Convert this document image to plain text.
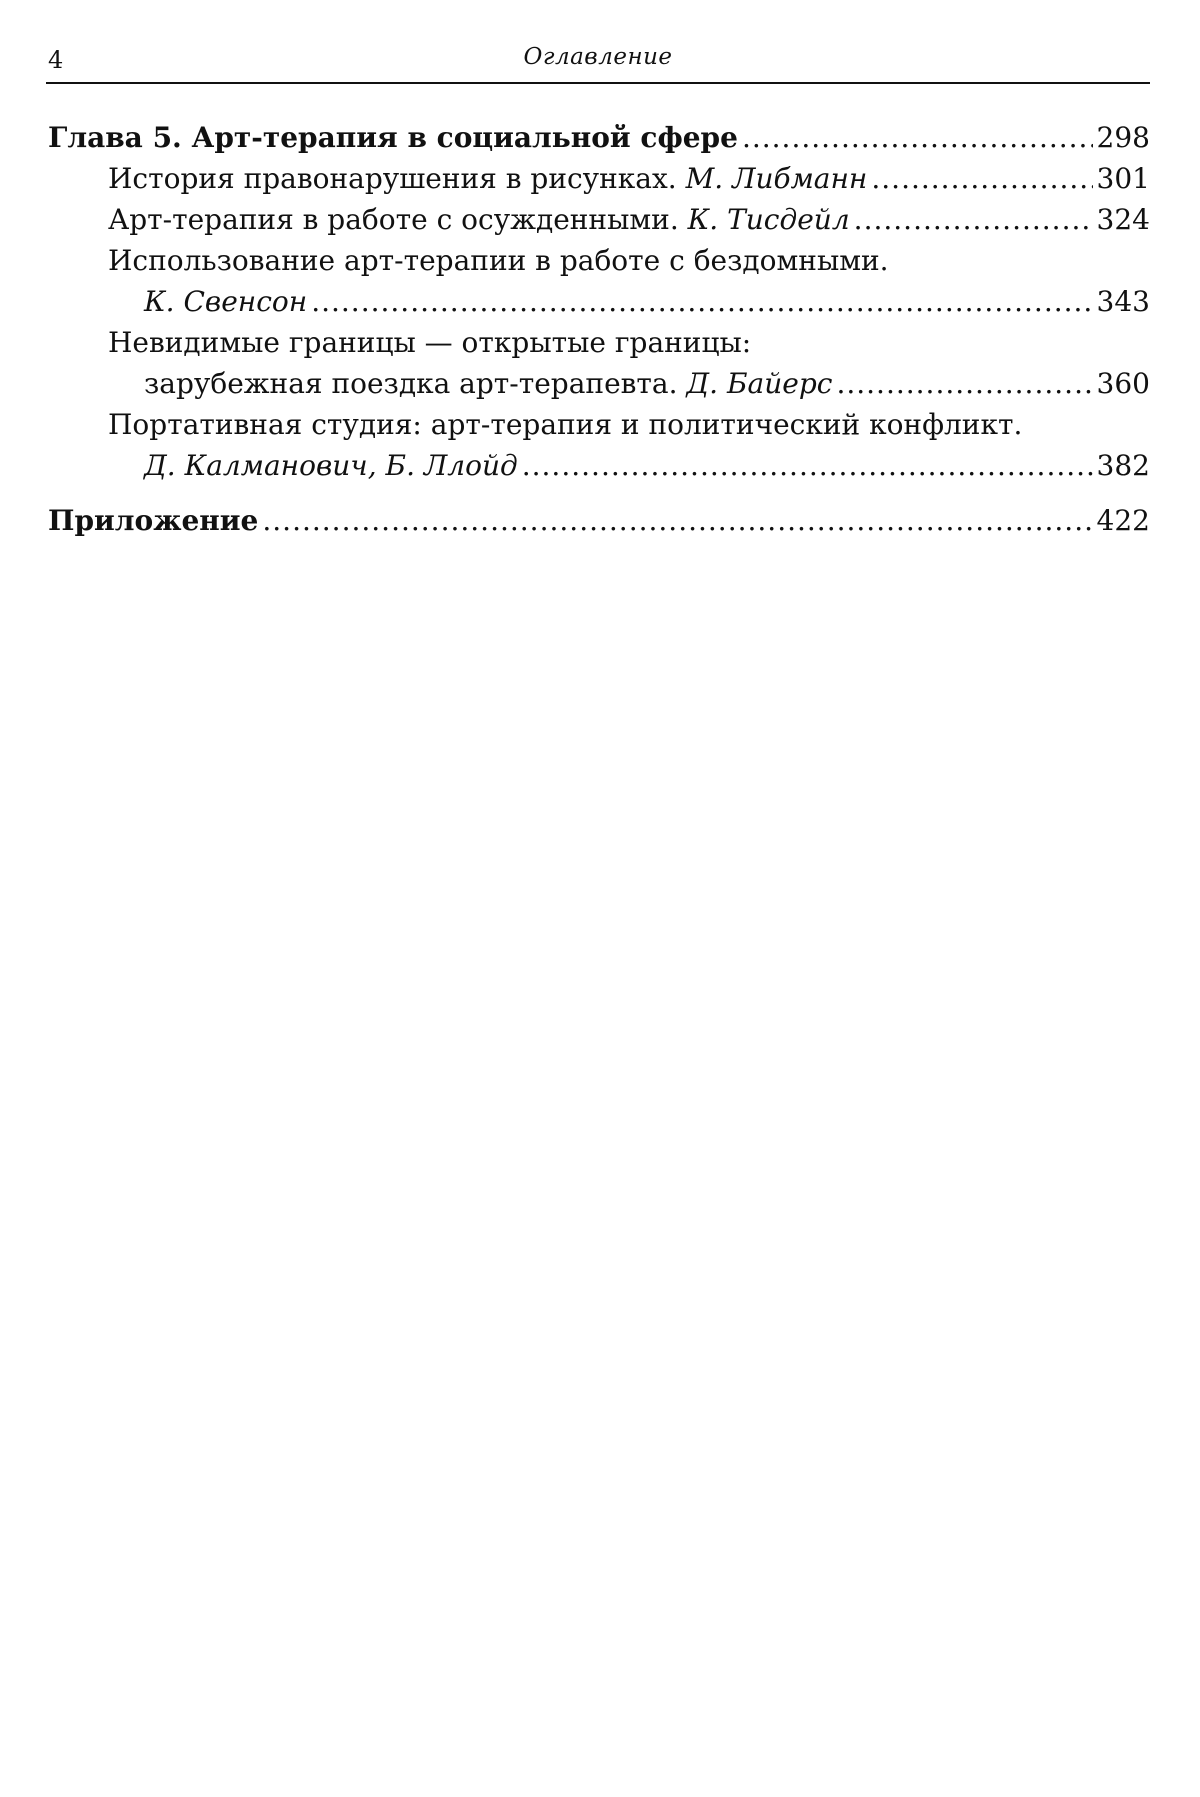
4	Оглавление
Глава 5. Арт-терапия в социальной сфере .....	298
История правонарушения в рисунках.
М. Либманн .....	301
Арт-терапия в работе с осужденными.
К. Тисдейл .....	324
Использование арт-терапии в работе с бездомными.
К. Свенсон .....	343
Невидимые границы — открытые границы:
зарубежная поездка арт-терапевта.
Д. Байерс .....	360
Портативная студия: арт-терапия и политический конфликт.
Д. Калманович, Б. Ллойд .....	382
Приложение .....	422
